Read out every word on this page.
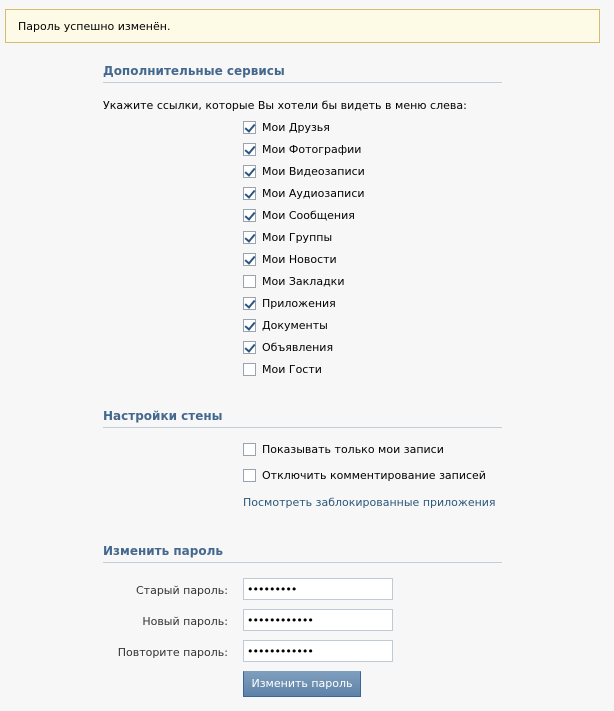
Пароль успешно изменён.
Дополнительные сервисы
Укажите ссылки, которые Вы хотели бы видеть в меню слева:
Мои Друзья
Мои Фотографии
Мои Видеозаписи
Мои Аудиозаписи
Мои Сообщения
Мои Группы
Мои Новости
Мои Закладки
Приложения
Документы
Объявления
Мои Гости
Настройки стены
Показывать только мои записи
Отключить комментирование записей
Посмотреть заблокированные приложения
Изменить пароль
Старый пароль:
•••••••••
Новый пароль:
••••••••••••
Повторите пароль:
••••••••••••
Изменить пароль
